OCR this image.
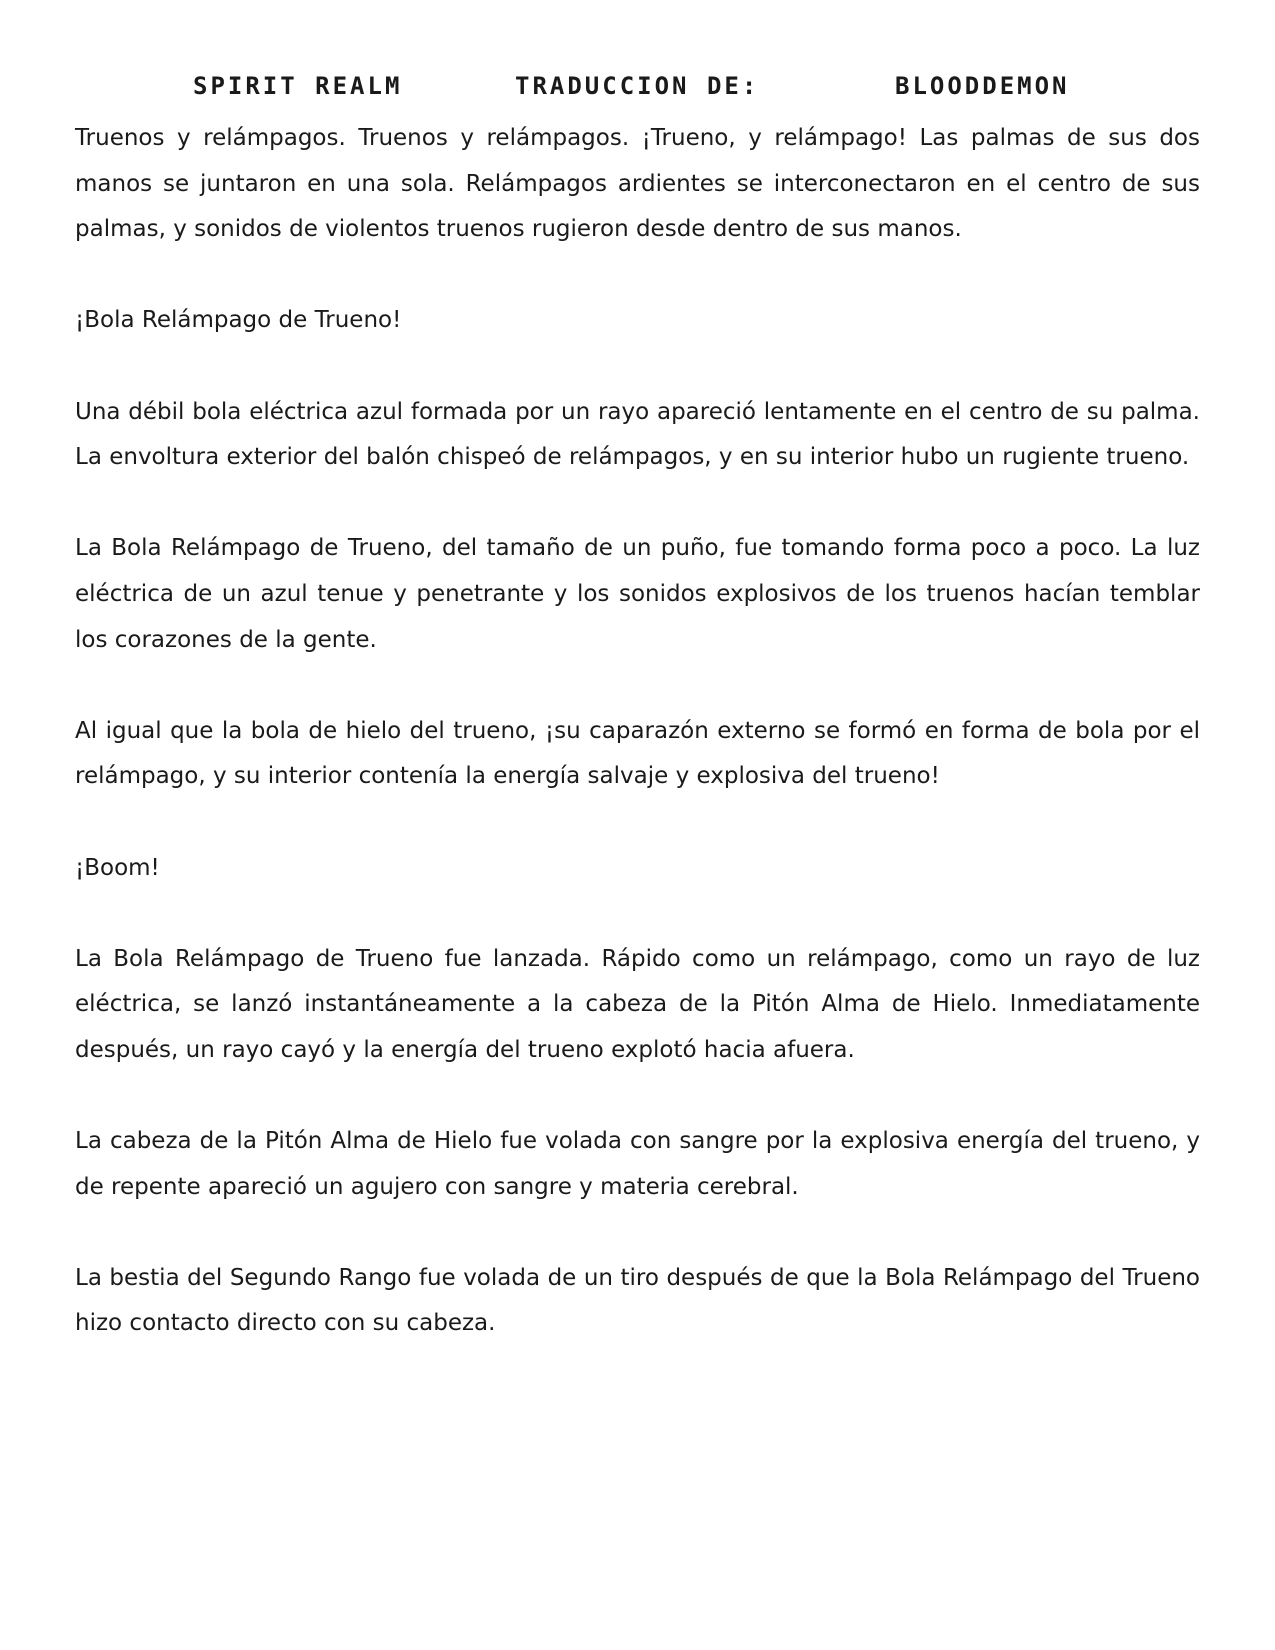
SPIRIT REALM	TRADUCCION DE:	BLOODDEMON

Truenos y relámpagos. Truenos y relámpagos. ¡Trueno, y relámpago! Las palmas de sus dos manos se juntaron en una sola. Relámpagos ardientes se interconectaron en el centro de sus palmas, y sonidos de violentos truenos rugieron desde dentro de sus manos.

¡Bola Relámpago de Trueno!

Una débil bola eléctrica azul formada por un rayo apareció lentamente en el centro de su palma. La envoltura exterior del balón chispeó de relámpagos, y en su interior hubo un rugiente trueno.

La Bola Relámpago de Trueno, del tamaño de un puño, fue tomando forma poco a poco. La luz eléctrica de un azul tenue y penetrante y los sonidos explosivos de los truenos hacían temblar los corazones de la gente.

Al igual que la bola de hielo del trueno, ¡su caparazón externo se formó en forma de bola por el relámpago, y su interior contenía la energía salvaje y explosiva del trueno!

¡Boom!

La Bola Relámpago de Trueno fue lanzada. Rápido como un relámpago, como un rayo de luz eléctrica, se lanzó instantáneamente a la cabeza de la Pitón Alma de Hielo. Inmediatamente después, un rayo cayó y la energía del trueno explotó hacia afuera.

La cabeza de la Pitón Alma de Hielo fue volada con sangre por la explosiva energía del trueno, y de repente apareció un agujero con sangre y materia cerebral.

La bestia del Segundo Rango fue volada de un tiro después de que la Bola Relámpago del Trueno hizo contacto directo con su cabeza.
